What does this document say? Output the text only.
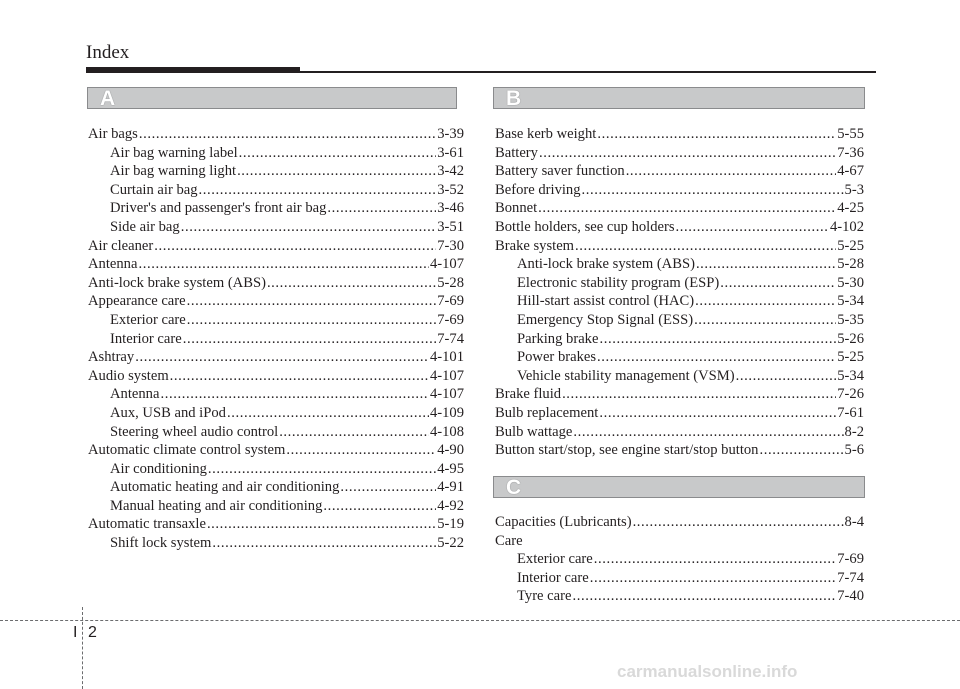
Index
A	B
C
Air bags .....	3-39
Air bag warning label .....	3-61
Air bag warning light .....	3-42
Curtain air bag .....	3-52
Driver's and passenger's front air bag .....	3-46
Side air bag .....	3-51
Air cleaner .....	7-30
Antenna .....	4-107
Anti-lock brake system (ABS) .....	5-28
Appearance care .....	7-69
Exterior care .....	7-69
Interior care .....	7-74
Ashtray .....	4-101
Audio system .....	4-107
Antenna .....	4-107
Aux, USB and iPod .....	4-109
Steering wheel audio control .....	4-108
Automatic climate control system .....	4-90
Air conditioning .....	4-95
Automatic heating and air conditioning .....	4-91
Manual heating and air conditioning .....	4-92
Automatic transaxle .....	5-19
Shift lock system .....	5-22
Base kerb weight .....	5-55
Battery .....	7-36
Battery saver function .....	4-67
Before driving .....	5-3
Bonnet .....	4-25
Bottle holders, see cup holders .....	4-102
Brake system .....	5-25
Anti-lock brake system (ABS) .....	5-28
Electronic stability program (ESP) .....	5-30
Hill-start assist control (HAC) .....	5-34
Emergency Stop Signal (ESS) .....	5-35
Parking brake .....	5-26
Power brakes .....	5-25
Vehicle stability management (VSM) .....	5-34
Brake fluid .....	7-26
Bulb replacement .....	7-61
Bulb wattage .....	8-2
Button start/stop, see engine start/stop button .....	5-6
Capacities (Lubricants) .....	8-4
Care
Exterior care .....	7-69
Interior care .....	7-74
Tyre care .....	7-40
I 2
carmanualsonline.info
